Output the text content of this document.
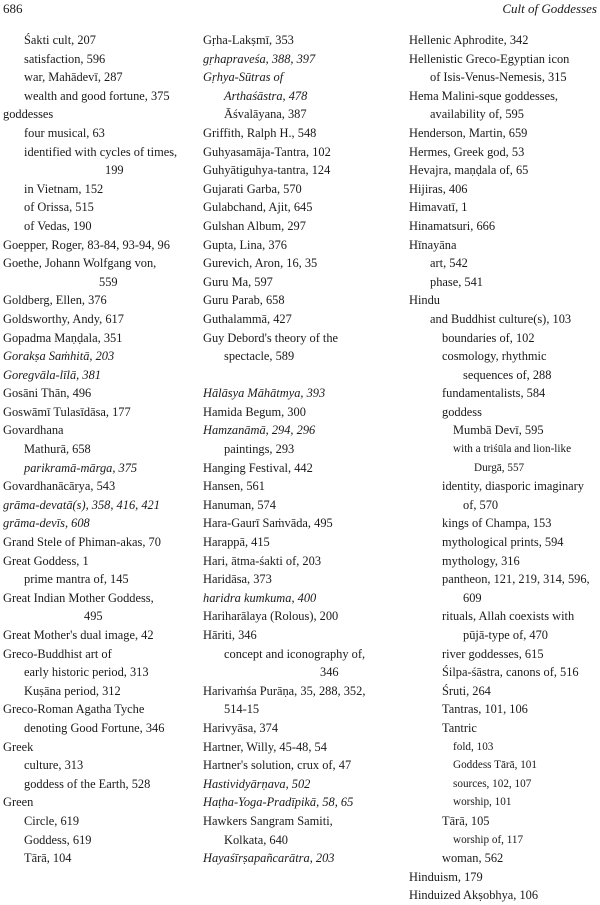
686	Cult of Goddesses
Śakti cult, 207
satisfaction, 596
war, Mahādevī, 287
wealth and good fortune, 375
goddesses
four musical, 63
identified with cycles of times,
199
in Vietnam, 152
of Orissa, 515
of Vedas, 190
Goepper, Roger, 83-84, 93-94, 96
Goethe, Johann Wolfgang von,
559
Goldberg, Ellen, 376
Goldsworthy, Andy, 617
Gopadma Maṇḍala, 351
Gorakṣa Saṁhitā, 203
Goregvāla-līlā, 381
Gosāni Thān, 496
Goswāmī Tulasīdāsa, 177
Govardhana
Mathurā, 658
parikramā-mārga, 375
Govardhanācārya, 543
grāma-devatā(s), 358, 416, 421
grāma-devīs, 608
Grand Stele of Phiman-akas, 70
Great Goddess, 1
prime mantra of, 145
Great Indian Mother Goddess,
495
Great Mother's dual image, 42
Greco-Buddhist art of
early historic period, 313
Kuṣāna period, 312
Greco-Roman Agatha Tyche
denoting Good Fortune, 346
Greek
culture, 313
goddess of the Earth, 528
Green
Circle, 619
Goddess, 619
Tārā, 104
Gṛha-Lakṣmī, 353
gṛhapraveśa, 388, 397
Gṛhya-Sūtras of
Arthaśāstra, 478
Āśvalāyana, 387
Griffith, Ralph H., 548
Guhyasamāja-Tantra, 102
Guhyātiguhya-tantra, 124
Gujarati Garba, 570
Gulabchand, Ajit, 645
Gulshan Album, 297
Gupta, Lina, 376
Gurevich, Aron, 16, 35
Guru Ma, 597
Guru Parab, 658
Guthalammā, 427
Guy Debord's theory of the
spectacle, 589
Hālāsya Māhātmya, 393
Hamida Begum, 300
Hamzanāmā, 294, 296
paintings, 293
Hanging Festival, 442
Hansen, 561
Hanuman, 574
Hara-Gaurī Saṁvāda, 495
Harappā, 415
Hari, ātma-śakti of, 203
Haridāsa, 373
haridra kumkuma, 400
Hariharālaya (Rolous), 200
Hāriti, 346
concept and iconography of,
346
Harivaṁśa Purāṇa, 35, 288, 352,
514-15
Harivyāsa, 374
Hartner, Willy, 45-48, 54
Hartner's solution, crux of, 47
Hastividyārṇava, 502
Haṭha-Yoga-Pradīpikā, 58, 65
Hawkers Sangram Samiti,
Kolkata, 640
Hayaśīrṣapañcarātra, 203
Hellenic Aphrodite, 342
Hellenistic Greco-Egyptian icon
of Isis-Venus-Nemesis, 315
Hema Malini-sque goddesses,
availability of, 595
Henderson, Martin, 659
Hermes, Greek god, 53
Hevajra, maṇḍala of, 65
Hijiras, 406
Himavatī, 1
Hinamatsuri, 666
Hīnayāna
art, 542
phase, 541
Hindu
and Buddhist culture(s), 103
boundaries of, 102
cosmology, rhythmic
sequences of, 288
fundamentalists, 584
goddess
Mumbā Devī, 595
with a triśūla and lion-like
Durgā, 557
identity, diasporic imaginary
of, 570
kings of Champa, 153
mythological prints, 594
mythology, 316
pantheon, 121, 219, 314, 596,
609
rituals, Allah coexists with
pūjā-type of, 470
river goddesses, 615
Śilpa-śāstra, canons of, 516
Śruti, 264
Tantras, 101, 106
Tantric
fold, 103
Goddess Tārā, 101
sources, 102, 107
worship, 101
Tārā, 105
worship of, 117
woman, 562
Hinduism, 179
Hinduized Akṣobhya, 106
